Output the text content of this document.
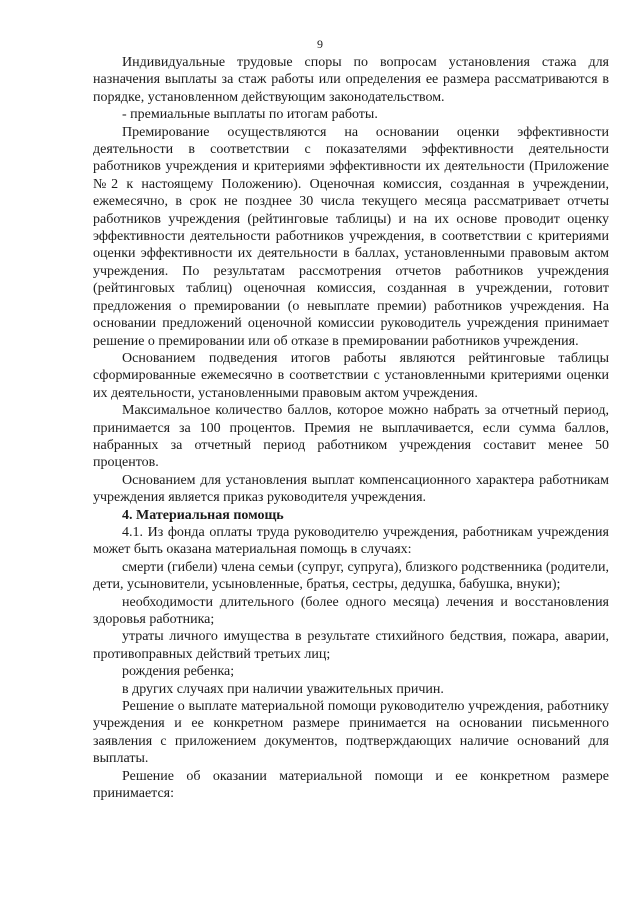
9

Индивидуальные трудовые споры по вопросам установления стажа для назначения выплаты за стаж работы или определения ее размера рассматриваются в порядке, установленном действующим законодательством.

- премиальные выплаты по итогам работы.

Премирование осуществляются на основании оценки эффективности деятельности в соответствии с показателями эффективности деятельности работников учреждения и критериями эффективности их деятельности (Приложение №2 к настоящему Положению). Оценочная комиссия, созданная в учреждении, ежемесячно, в срок не позднее 30 числа текущего месяца рассматривает отчеты работников учреждения (рейтинговые таблицы) и на их основе проводит оценку эффективности деятельности работников учреждения, в соответствии с критериями оценки эффективности их деятельности в баллах, установленными правовым актом учреждения. По результатам рассмотрения отчетов работников учреждения (рейтинговых таблиц) оценочная комиссия, созданная в учреждении, готовит предложения о премировании (о невыплате премии) работников учреждения. На основании предложений оценочной комиссии руководитель учреждения принимает решение о премировании или об отказе в премировании работников учреждения.

Основанием подведения итогов работы являются рейтинговые таблицы сформированные ежемесячно в соответствии с установленными критериями оценки их деятельности, установленными правовым актом учреждения.

Максимальное количество баллов, которое можно набрать за отчетный период, принимается за 100 процентов. Премия не выплачивается, если сумма баллов, набранных за отчетный период работником учреждения составит менее 50 процентов.

Основанием для установления выплат компенсационного характера работникам учреждения является приказ руководителя учреждения.

4. Материальная помощь

4.1. Из фонда оплаты труда руководителю учреждения, работникам учреждения может быть оказана материальная помощь в случаях:

смерти (гибели) члена семьи (супруг, супруга), близкого родственника (родители, дети, усыновители, усыновленные, братья, сестры, дедушка, бабушка, внуки);

необходимости длительного (более одного месяца) лечения и восстановления здоровья работника;

утраты личного имущества в результате стихийного бедствия, пожара, аварии, противоправных действий третьих лиц;

рождения ребенка;

в других случаях при наличии уважительных причин.

Решение о выплате материальной помощи руководителю учреждения, работнику учреждения и ее конкретном размере принимается на основании письменного заявления с приложением документов, подтверждающих наличие оснований для выплаты.

Решение об оказании материальной помощи и ее конкретном размере принимается:
